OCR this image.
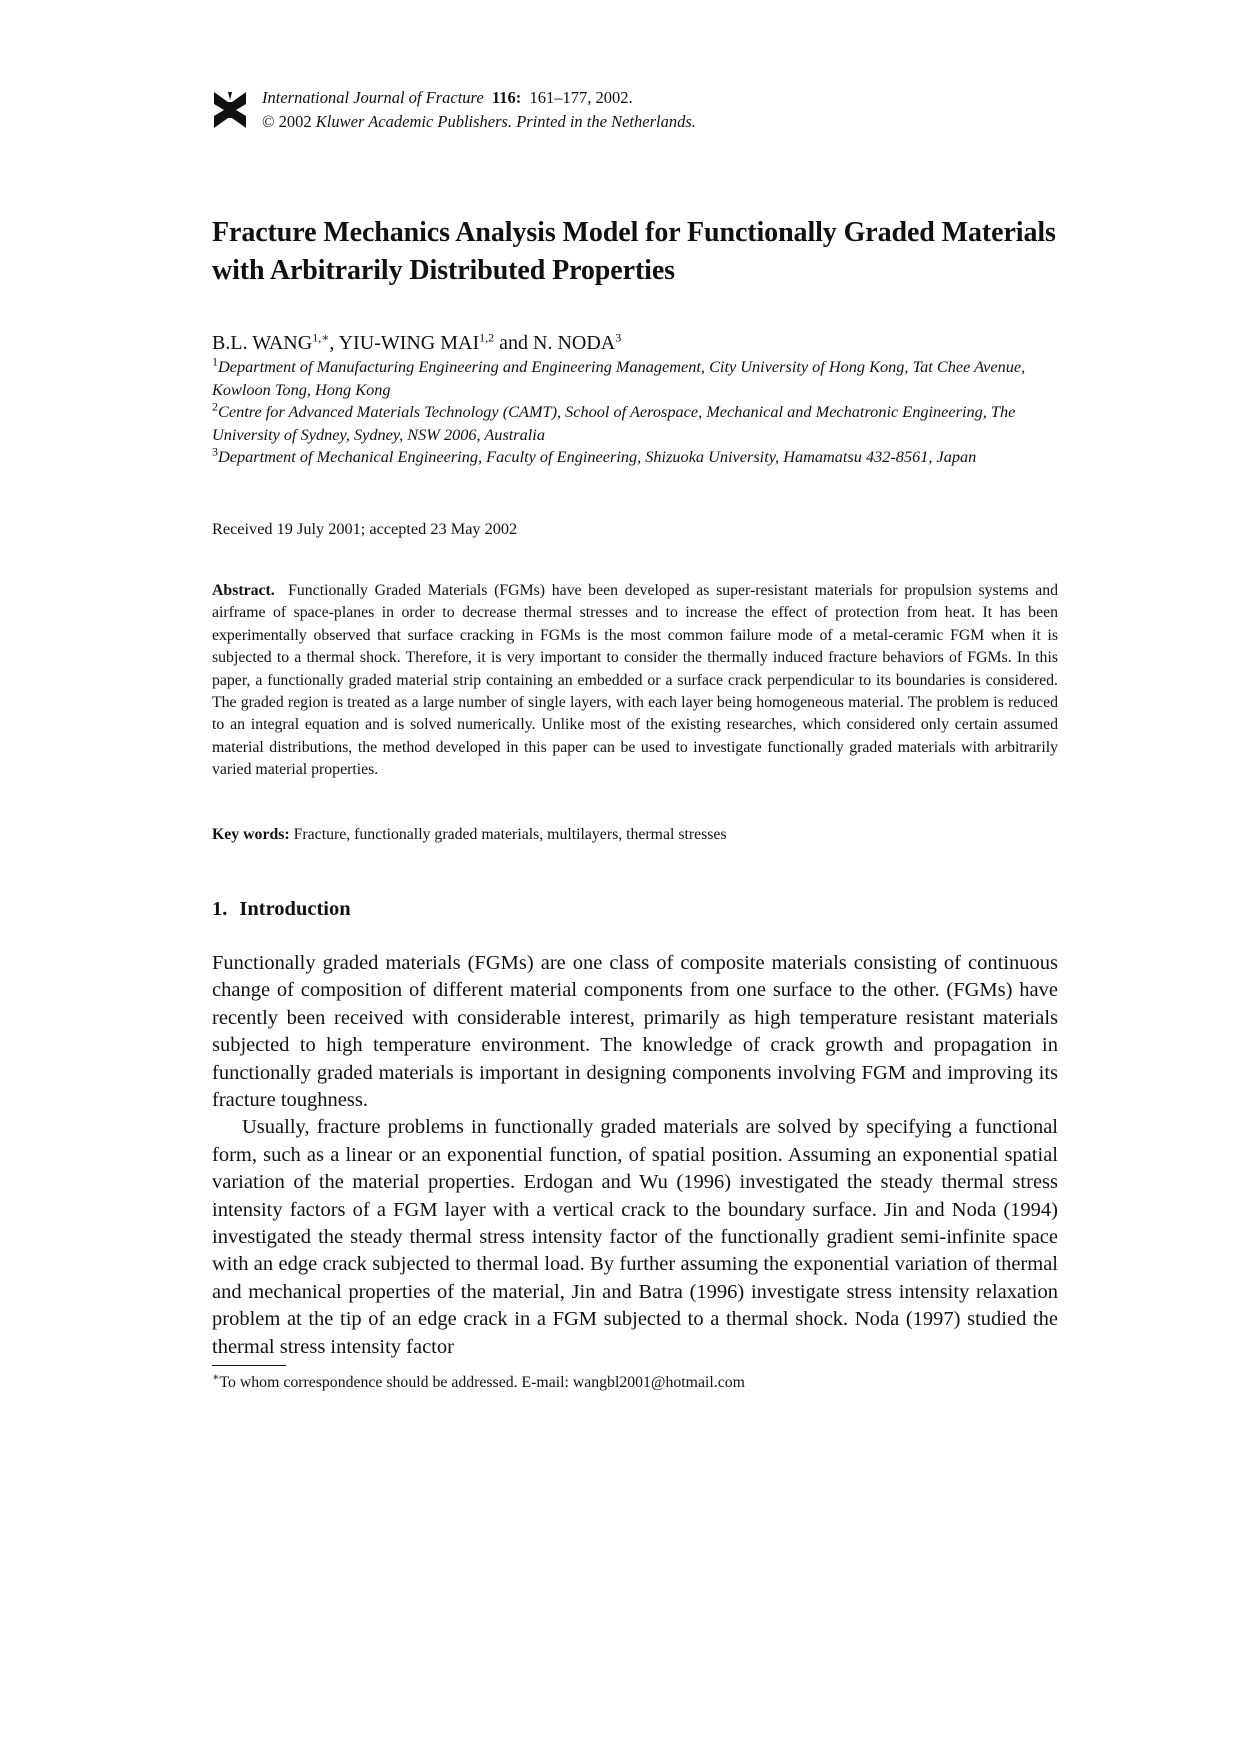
International Journal of Fracture 116: 161–177, 2002.
© 2002 Kluwer Academic Publishers. Printed in the Netherlands.
Fracture Mechanics Analysis Model for Functionally Graded Materials with Arbitrarily Distributed Properties
B.L. $WANG^{1,∗}$, YIU-WING MAI$^{1,2}$ and N. NODA$^3$

$^1$Department of Manufacturing Engineering and Engineering Management, City University of Hong Kong, Tat Chee Avenue, Kowloon Tong, Hong Kong

$^2$Centre for Advanced Materials Technology (CAMT), School of Aerospace, Mechanical and Mechatronic Engineering, The University of Sydney, Sydney, NSW 2006, Australia

$^3$Department of Mechanical Engineering, Faculty of Engineering, Shizuoka University, Hamamatsu 432-8561, Japan

Received 19 July 2001; accepted 23 May 2002

Abstract. Functionally Graded Materials (FGMs) have been developed as super-resistant materials for propulsion systems and airframe of space-planes in order to decrease thermal stresses and to increase the effect of protection from heat. It has been experimentally observed that surface cracking in FGMs is the most common failure mode of a metal-ceramic FGM when it is subjected to a thermal shock. Therefore, it is very important to consider the thermally induced fracture behaviors of FGMs. In this paper, a functionally graded material strip containing an embedded or a surface crack perpendicular to its boundaries is considered. The graded region is treated as a large number of single layers, with each layer being homogeneous material. The problem is reduced to an integral equation and is solved numerically. Unlike most of the existing researches, which considered only certain assumed material distributions, the method developed in this paper can be used to investigate functionally graded materials with arbitrarily varied material properties.

Key words: Fracture, functionally graded materials, multilayers, thermal stresses
1. Introduction

Functionally graded materials (FGMs) are one class of composite materials consisting of continuous change of composition of different material components from one surface to the other. (FGMs) have recently been received with considerable interest, primarily as high temperature resistant materials subjected to high temperature environment. The knowledge of crack growth and propagation in functionally graded materials is important in designing components involving FGM and improving its fracture toughness.

Usually, fracture problems in functionally graded materials are solved by specifying a functional form, such as a linear or an exponential function, of spatial position. Assuming an exponential spatial variation of the material properties. Erdogan and Wu (1996) investigated the steady thermal stress intensity factors of a FGM layer with a vertical crack to the boundary surface. Jin and Noda (1994) investigated the steady thermal stress intensity factor of the functionally gradient semi-infinite space with an edge crack subjected to thermal load. By further assuming the exponential variation of thermal and mechanical properties of the material, Jin and Batra (1996) investigate stress intensity relaxation problem at the tip of an edge crack in a FGM subjected to a thermal shock. Noda (1997) studied the thermal stress intensity factor

∗To whom correspondence should be addressed. E-mail: wangbl2001@hotmail.com
